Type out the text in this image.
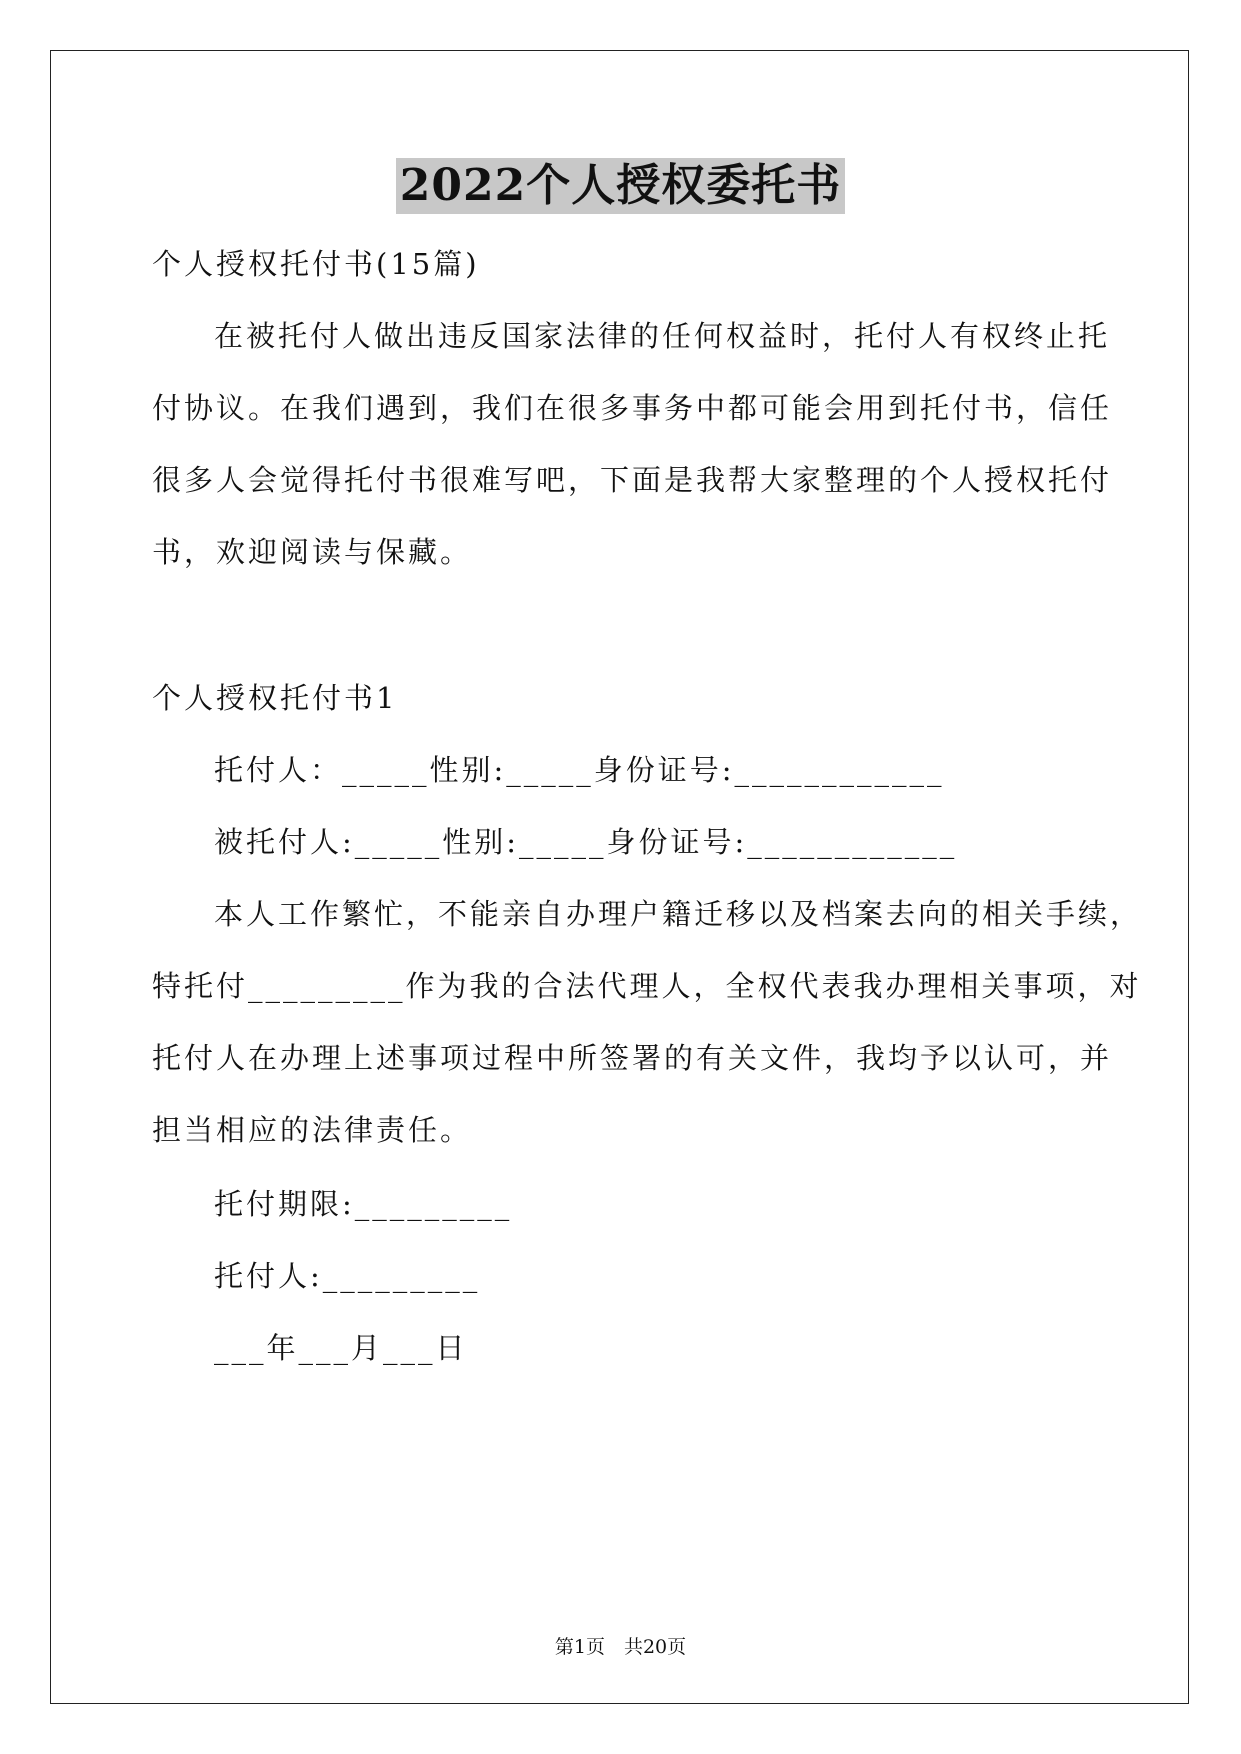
2022个人授权委托书
个人授权托付书(15篇)
在被托付人做出违反国家法律的任何权益时，托付人有权终止托
付协议。在我们遇到，我们在很多事务中都可能会用到托付书，信任
很多人会觉得托付书很难写吧，下面是我帮大家整理的个人授权托付
书，欢迎阅读与保藏。
个人授权托付书1
托付人：_____性别:_____身份证号:____________
被托付人:_____性别:_____身份证号:____________
本人工作繁忙，不能亲自办理户籍迁移以及档案去向的相关手续，
特托付_________作为我的合法代理人，全权代表我办理相关事项，对
托付人在办理上述事项过程中所签署的有关文件，我均予以认可，并
担当相应的法律责任。
托付期限:_________
托付人:_________
___年___月___日
第1页　共20页
